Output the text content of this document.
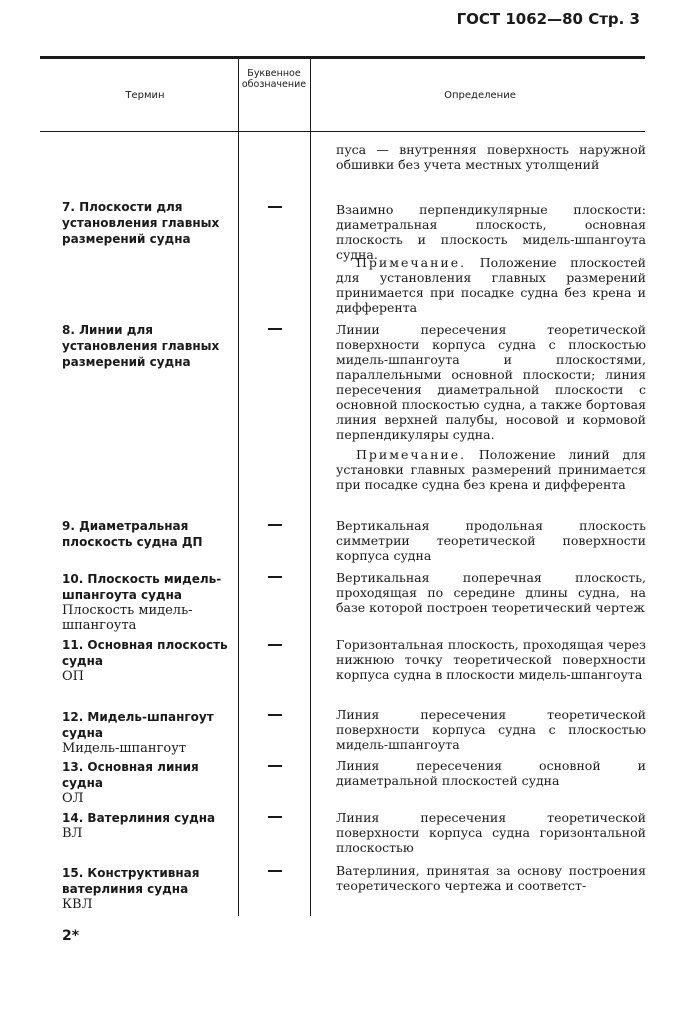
ГОСТ 1062—80 Стр. 3
Термин
Буквенное обозначение
Определение
пуса — внутренняя поверхность наружной обшивки без учета местных утолщений
7. Плоскости для установления главных размерений судна
Взаимно перпендикулярные плоскости: диаметральная плоскость, основная плоскость и плоскость мидель-шпангоута судна.
Примечание. Положение плоскостей для установления главных размерений принимается при посадке судна без крена и дифферента
8. Линии для установления главных размерений судна
Линии пересечения теоретической поверхности корпуса судна с плоскостью мидель-шпангоута и плоскостями, параллельными основной плоскости; линия пересечения диаметральной плоскости с основной плоскостью судна, а также бортовая линия верхней палубы, носовой и кормовой перпендикуляры судна.
Примечание. Положение линий для установки главных размерений принимается при посадке судна без крена и дифферента
9. Диаметральная плоскость судна ДП
Вертикальная продольная плоскость симметрии теоретической поверхности корпуса судна
10. Плоскость мидель-шпангоута судна
Плоскость мидель-шпангоута
Вертикальная поперечная плоскость, проходящая по середине длины судна, на базе которой построен теоретический чертеж
11. Основная плоскость судна
ОП
Горизонтальная плоскость, проходящая через нижнюю точку теоретической поверхности корпуса судна в плоскости мидель-шпангоута
12. Мидель-шпангоут судна
Мидель-шпангоут
Линия пересечения теоретической поверхности корпуса судна с плоскостью мидель-шпангоута
13. Основная линия судна
ОЛ
Линия пересечения основной и диаметральной плоскостей судна
14. Ватерлиния судна
ВЛ
Линия пересечения теоретической поверхности корпуса судна горизонтальной плоскостью
15. Конструктивная ватерлиния судна
КВЛ
Ватерлиния, принятая за основу построения теоретического чертежа и соответст-
2*
